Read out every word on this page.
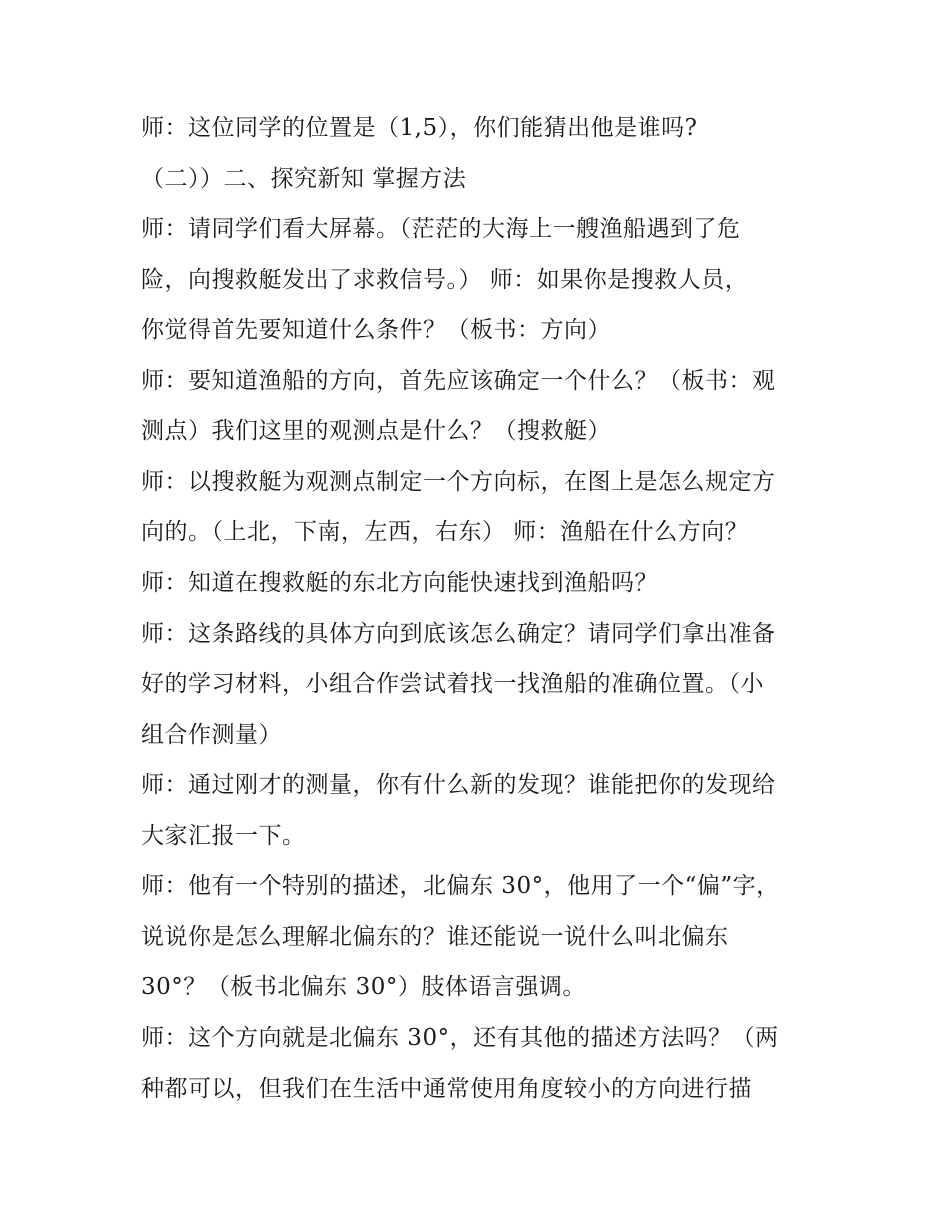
师：这位同学的位置是（1,5），你们能猜出他是谁吗?
（二））二、探究新知 掌握方法
师：请同学们看大屏幕。（茫茫的大海上一艘渔船遇到了危
险，向搜救艇发出了求救信号。） 师：如果你是搜救人员，
你觉得首先要知道什么条件？（板书：方向）
师：要知道渔船的方向，首先应该确定一个什么？（板书：观
测点）我们这里的观测点是什么？（搜救艇）
师：以搜救艇为观测点制定一个方向标，在图上是怎么规定方
向的。（上北，下南，左西，右东） 师：渔船在什么方向？
师：知道在搜救艇的东北方向能快速找到渔船吗？
师：这条路线的具体方向到底该怎么确定？请同学们拿出准备
好的学习材料，小组合作尝试着找一找渔船的准确位置。（小
组合作测量）
师：通过刚才的测量，你有什么新的发现？谁能把你的发现给
大家汇报一下。
师：他有一个特别的描述，北偏东 30°，他用了一个“偏”字，
说说你是怎么理解北偏东的？谁还能说一说什么叫北偏东
30°？（板书北偏东 30°）肢体语言强调。
师：这个方向就是北偏东 30°，还有其他的描述方法吗？（两
种都可以，但我们在生活中通常使用角度较小的方向进行描
